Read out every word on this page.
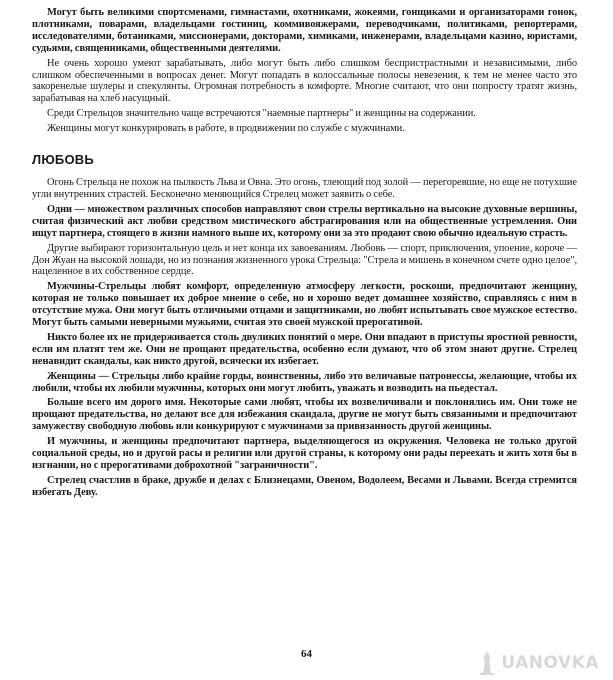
Могут быть великими спортсменами, гимнастами, охотниками, жокеями, гонщиками и организаторами гонок, плотниками, поварами, владельцами гостиниц, коммивояжерами, переводчиками, политиками, репортерами, исследователями, ботаниками, миссионерами, докторами, химиками, инженерами, владельцами казино, юристами, судьями, священниками, общественными деятелями.

Не очень хорошо умеют зарабатывать, либо могут быть либо слишком беспристрастными и независимыми, либо слишком обеспеченными в вопросах денег. Могут попадать в колоссальные полосы невезения, к тем не менее часто это закоренелые шулеры и спекулянты. Огромная потребность в комфорте. Многие считают, что они попросту тратят жизнь, зарабатывая на хлеб насущный.

Среди Стрельцов значительно чаще встречаются "наемные партнеры" и женщины на содержании.

Женщины могут конкурировать в работе, в продвижении по службе с мужчинами.

ЛЮБОВЬ

Огонь Стрельца не похож на пылкость Льва и Овна. Это огонь, тлеющий под золой — перегоревшие, но еще не потухшие угли внутренних страстей. Бесконечно меняющийся Стрелец может заявить о себе.

Одни — множеством различных способов направляют свои стрелы вертикально на высокие духовные вершины, считая физический акт любви средством мистического абстрагирования или на общественные устремления. Они ищут партнера, стоящего в жизни намного выше их, которому они за это продают свою обычно идеальную страсть.

Другие выбирают горизонтальную цель и нет конца их завоеваниям. Любовь — спорт, приключения, упоение, короче — Дон Жуан на высокой лошади, но из познания жизненного урока Стрельца: "Стрела и мишень в конечном счете одно целое", нацеленное в их собственное сердце.

Мужчины-Стрельцы любят комфорт, определенную атмосферу легкости, роскоши, предпочитают женщину, которая не только повышает их доброе мнение о себе, но и хорошо ведет домашнее хозяйство, справляясь с ним в отсутствие мужа. Они могут быть отличными отцами и защитниками, но любят испытывать свое мужское естество. Могут быть самыми неверными мужьями, считая это своей мужской прерогативой.

Никто более их не придерживается столь двуликих понятий о мере. Они впадают в приступы яростной ревности, если им платят тем же. Они не прощают предательства, особенно если думают, что об этом знают другие. Стрелец ненавидит скандалы, как никто другой, всячески их избегает.

Женщины — Стрельцы либо крайне горды, воинственны, либо это величавые патронессы, желающие, чтобы их любили, чтобы их любили мужчины, которых они могут любить, уважать и возводить на пьедестал.

Больше всего им дорого имя. Некоторые сами любят, чтобы их возвеличивали и поклонялись им. Они тоже не прощают предательства, но делают все для избежания скандала, другие не могут быть связанными и предпочитают замужеству свободную любовь или конкурируют с мужчинами за привязанность другой женщины.

И мужчины, и женщины предпочитают партнера, выделяющегося из окружения. Человека не только другой социальной среды, но и другой расы и религии или другой страны, к которому они рады переехать и жить хотя бы в изгнании, но с прерогативами доброхотной "заграничности".

Стрелец счастлив в браке, дружбе и делах с Близнецами, Овеном, Водолеем, Весами и Львами. Всегда стремится избегать Деву.

64	UANOVKA
